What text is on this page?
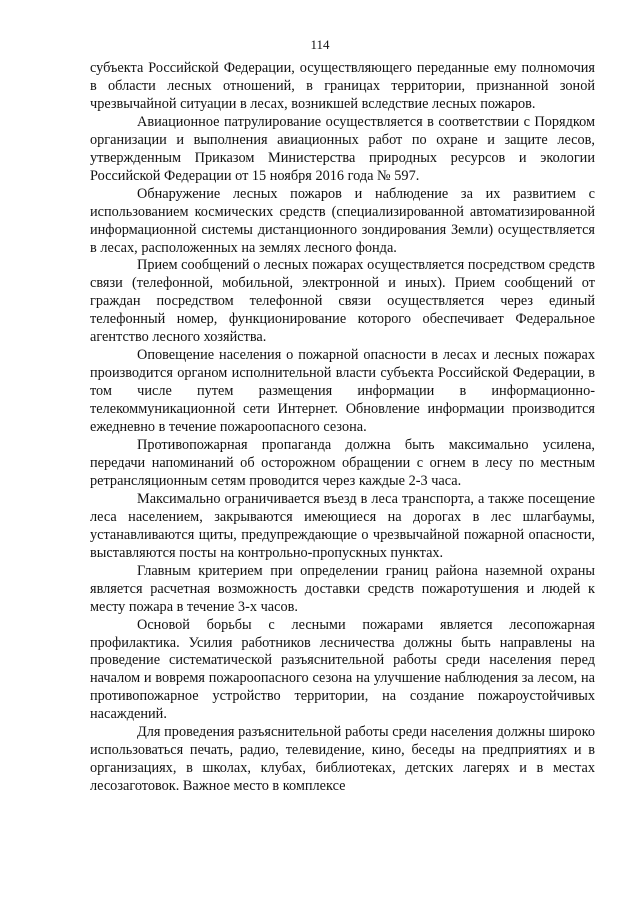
114

субъекта Российской Федерации, осуществляющего переданные ему полномочия в области лесных отношений, в границах территории, признанной зоной чрезвычайной ситуации в лесах, возникшей вследствие лесных пожаров.

Авиационное патрулирование осуществляется в соответствии с Порядком организации и выполнения авиационных работ по охране и защите лесов, утвержденным Приказом Министерства природных ресурсов и экологии Российской Федерации от 15 ноября 2016 года № 597.

Обнаружение лесных пожаров и наблюдение за их развитием с использованием космических средств (специализированной автоматизированной информационной системы дистанционного зондирования Земли) осуществляется в лесах, расположенных на землях лесного фонда.

Прием сообщений о лесных пожарах осуществляется посредством средств связи (телефонной, мобильной, электронной и иных). Прием сообщений от граждан посредством телефонной связи осуществляется через единый телефонный номер, функционирование которого обеспечивает Федеральное агентство лесного хозяйства.

Оповещение населения о пожарной опасности в лесах и лесных пожарах производится органом исполнительной власти субъекта Российской Федерации, в том числе путем размещения информации в информационно-телекоммуникационной сети Интернет. Обновление информации производится ежедневно в течение пожароопасного сезона.

Противопожарная пропаганда должна быть максимально усилена, передачи напоминаний об осторожном обращении с огнем в лесу по местным ретрансляционным сетям проводится через каждые 2-3 часа.

Максимально ограничивается въезд в леса транспорта, а также посещение леса населением, закрываются имеющиеся на дорогах в лес шлагбаумы, устанавливаются щиты, предупреждающие о чрезвычайной пожарной опасности, выставляются посты на контрольно-пропускных пунктах.

Главным критерием при определении границ района наземной охраны является расчетная возможность доставки средств пожаротушения и людей к месту пожара в течение 3-х часов.

Основой борьбы с лесными пожарами является лесопожарная профилактика. Усилия работников лесничества должны быть направлены на проведение систематической разъяснительной работы среди населения перед началом и вовремя пожароопасного сезона на улучшение наблюдения за лесом, на противопожарное устройство территории, на создание пожароустойчивых насаждений.

Для проведения разъяснительной работы среди населения должны широко использоваться печать, радио, телевидение, кино, беседы на предприятиях и в организациях, в школах, клубах, библиотеках, детских лагерях и в местах лесозаготовок. Важное место в комплексе
